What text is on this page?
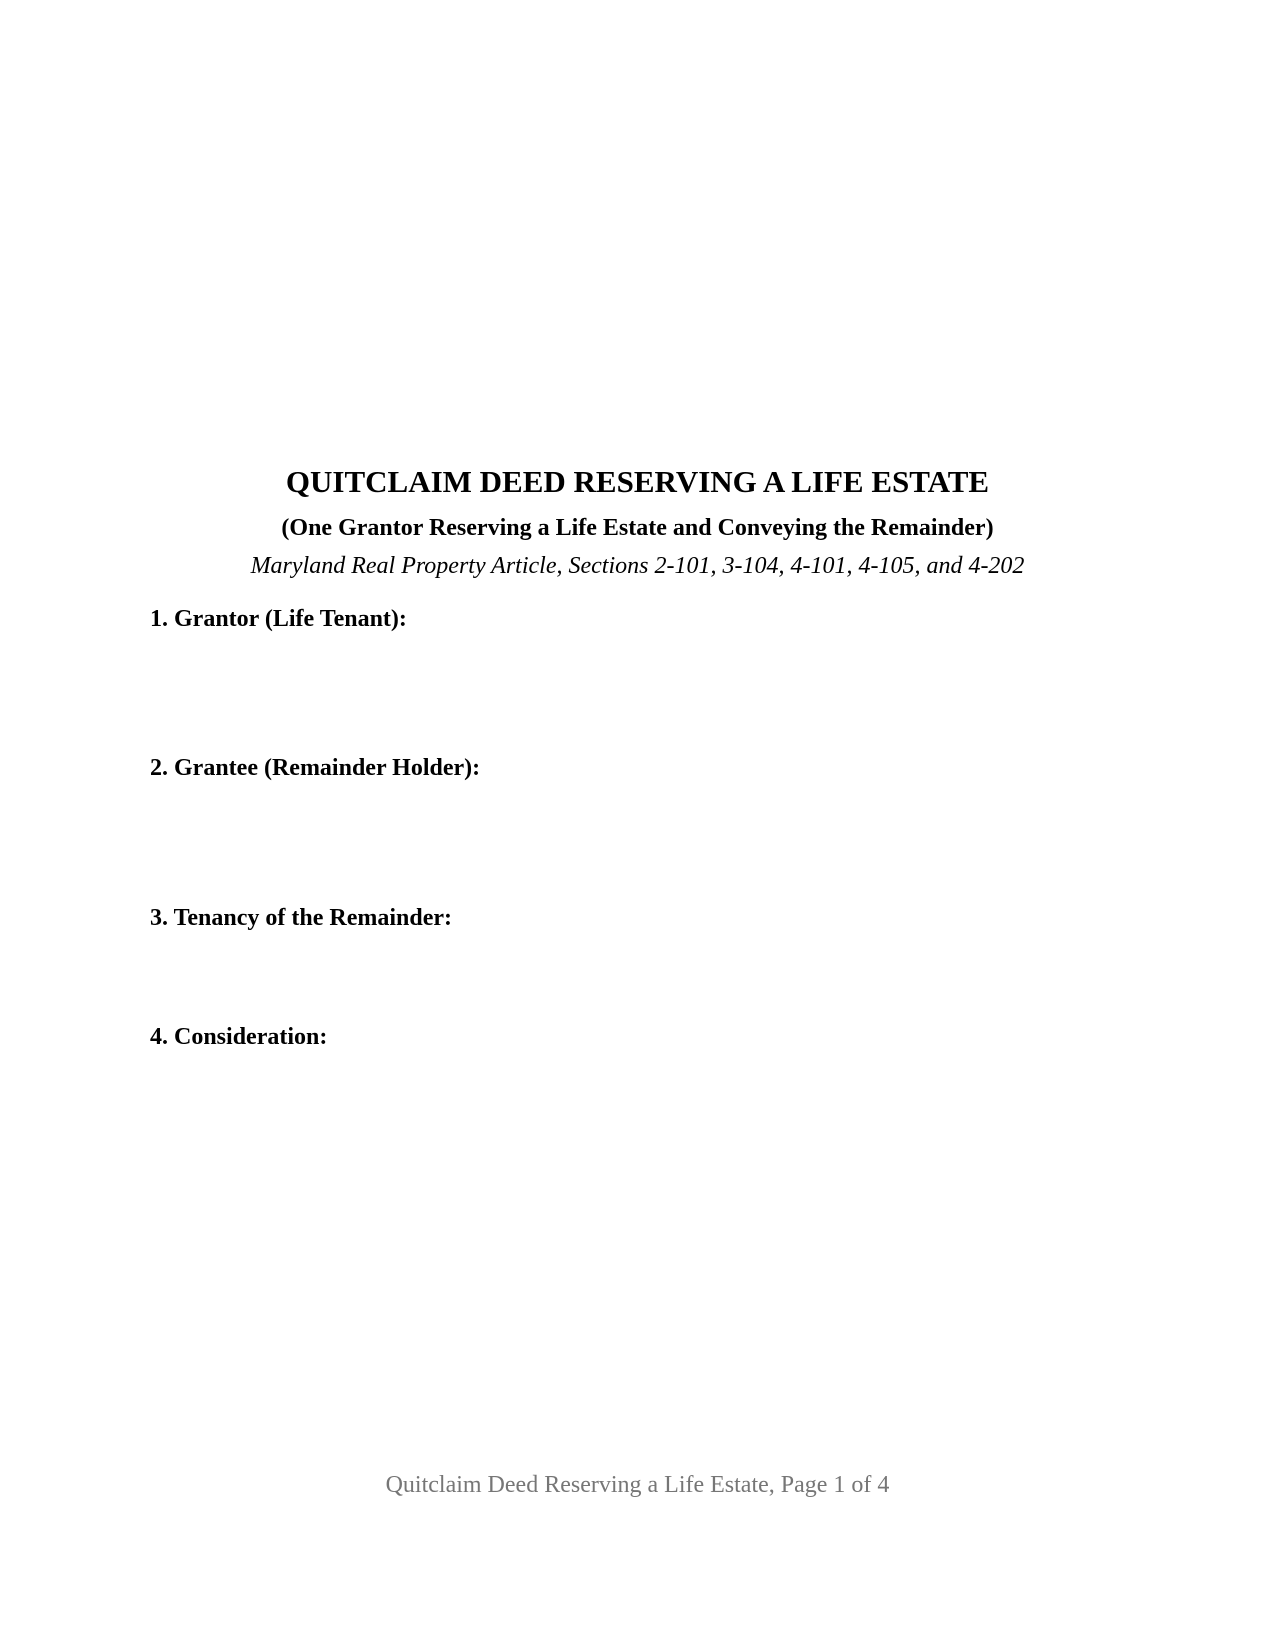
QUITCLAIM DEED RESERVING A LIFE ESTATE
(One Grantor Reserving a Life Estate and Conveying the Remainder)
Maryland Real Property Article, Sections 2-101, 3-104, 4-101, 4-105, and 4-202
1. Grantor (Life Tenant):
2. Grantee (Remainder Holder):
3. Tenancy of the Remainder:
4. Consideration:
Quitclaim Deed Reserving a Life Estate, Page 1 of 4
